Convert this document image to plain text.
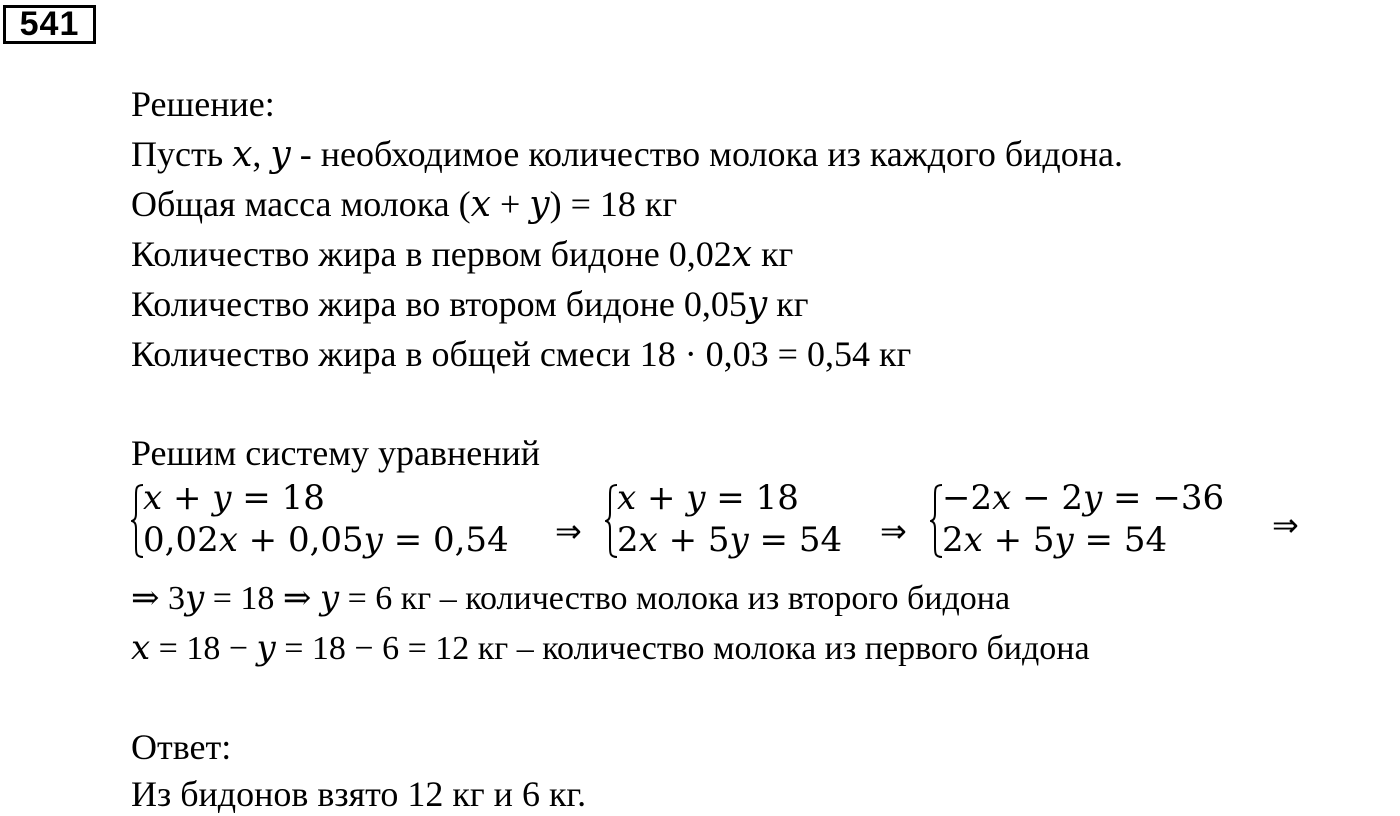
541
Решение:
Пусть 𝑥, 𝑦 - необходимое количество молока из каждого бидона.
Общая масса молока (𝑥 + 𝑦) = 18 кг
Количество жира в первом бидоне 0,02𝑥 кг
Количество жира во втором бидоне 0,05𝑦 кг
Количество жира в общей смеси 18 · 0,03 = 0,54 кг
Решим систему уравнений
𝑥 + 𝑦 = 18
0,02𝑥 + 0,05𝑦 = 0,54 ⇒
𝑥 + 𝑦 = 18
2𝑥 + 5𝑦 = 54 ⇒
−2𝑥 − 2𝑦 = −36
2𝑥 + 5𝑦 = 54	⇒
⇒ 3𝑦 = 18 ⇒ 𝑦 = 6 кг – количество молока из второго бидона
𝑥 = 18 − 𝑦 = 18 − 6 = 12 кг – количество молока из первого бидона
Ответ:
Из бидонов взято 12 кг и 6 кг.
